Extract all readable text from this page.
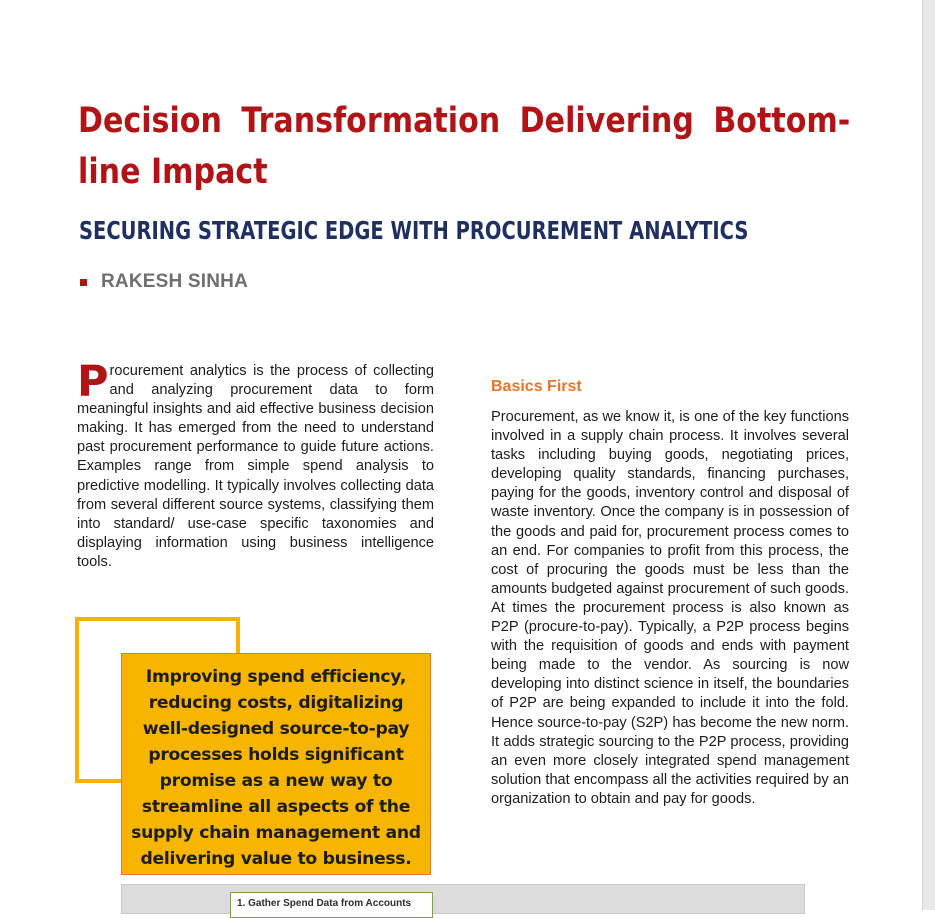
Decision Transformation Delivering Bottom-line Impact
SECURING STRATEGIC EDGE WITH PROCUREMENT ANALYTICS
RAKESH SINHA

Procurement analytics is the process of collecting and analyzing procurement data to form meaningful insights and aid effective business decision making. It has emerged from the need to understand past procurement performance to guide future actions. Examples range from simple spend analysis to predictive modelling. It typically involves collecting data from several different source systems, classifying them into standard/ use-case specific taxonomies and displaying information using business intelligence tools.

Improving spend efficiency, reducing costs, digitalizing well-designed source-to-pay processes holds significant promise as a new way to streamline all aspects of the supply chain management and delivering value to business.
Basics First

Procurement, as we know it, is one of the key functions involved in a supply chain process. It involves several tasks including buying goods, negotiating prices, developing quality standards, financing purchases, paying for the goods, inventory control and disposal of waste inventory. Once the company is in possession of the goods and paid for, procurement process comes to an end. For companies to profit from this process, the cost of procuring the goods must be less than the amounts budgeted against procurement of such goods. At times the procurement process is also known as P2P (procure-to-pay). Typically, a P2P process begins with the requisition of goods and ends with payment being made to the vendor. As sourcing is now developing into distinct science in itself, the boundaries of P2P are being expanded to include it into the fold. Hence source-to-pay (S2P) has become the new norm. It adds strategic sourcing to the P2P process, providing an even more closely integrated spend management solution that encompass all the activities required by an organization to obtain and pay for goods.

1. Gather Spend Data from Accounts
